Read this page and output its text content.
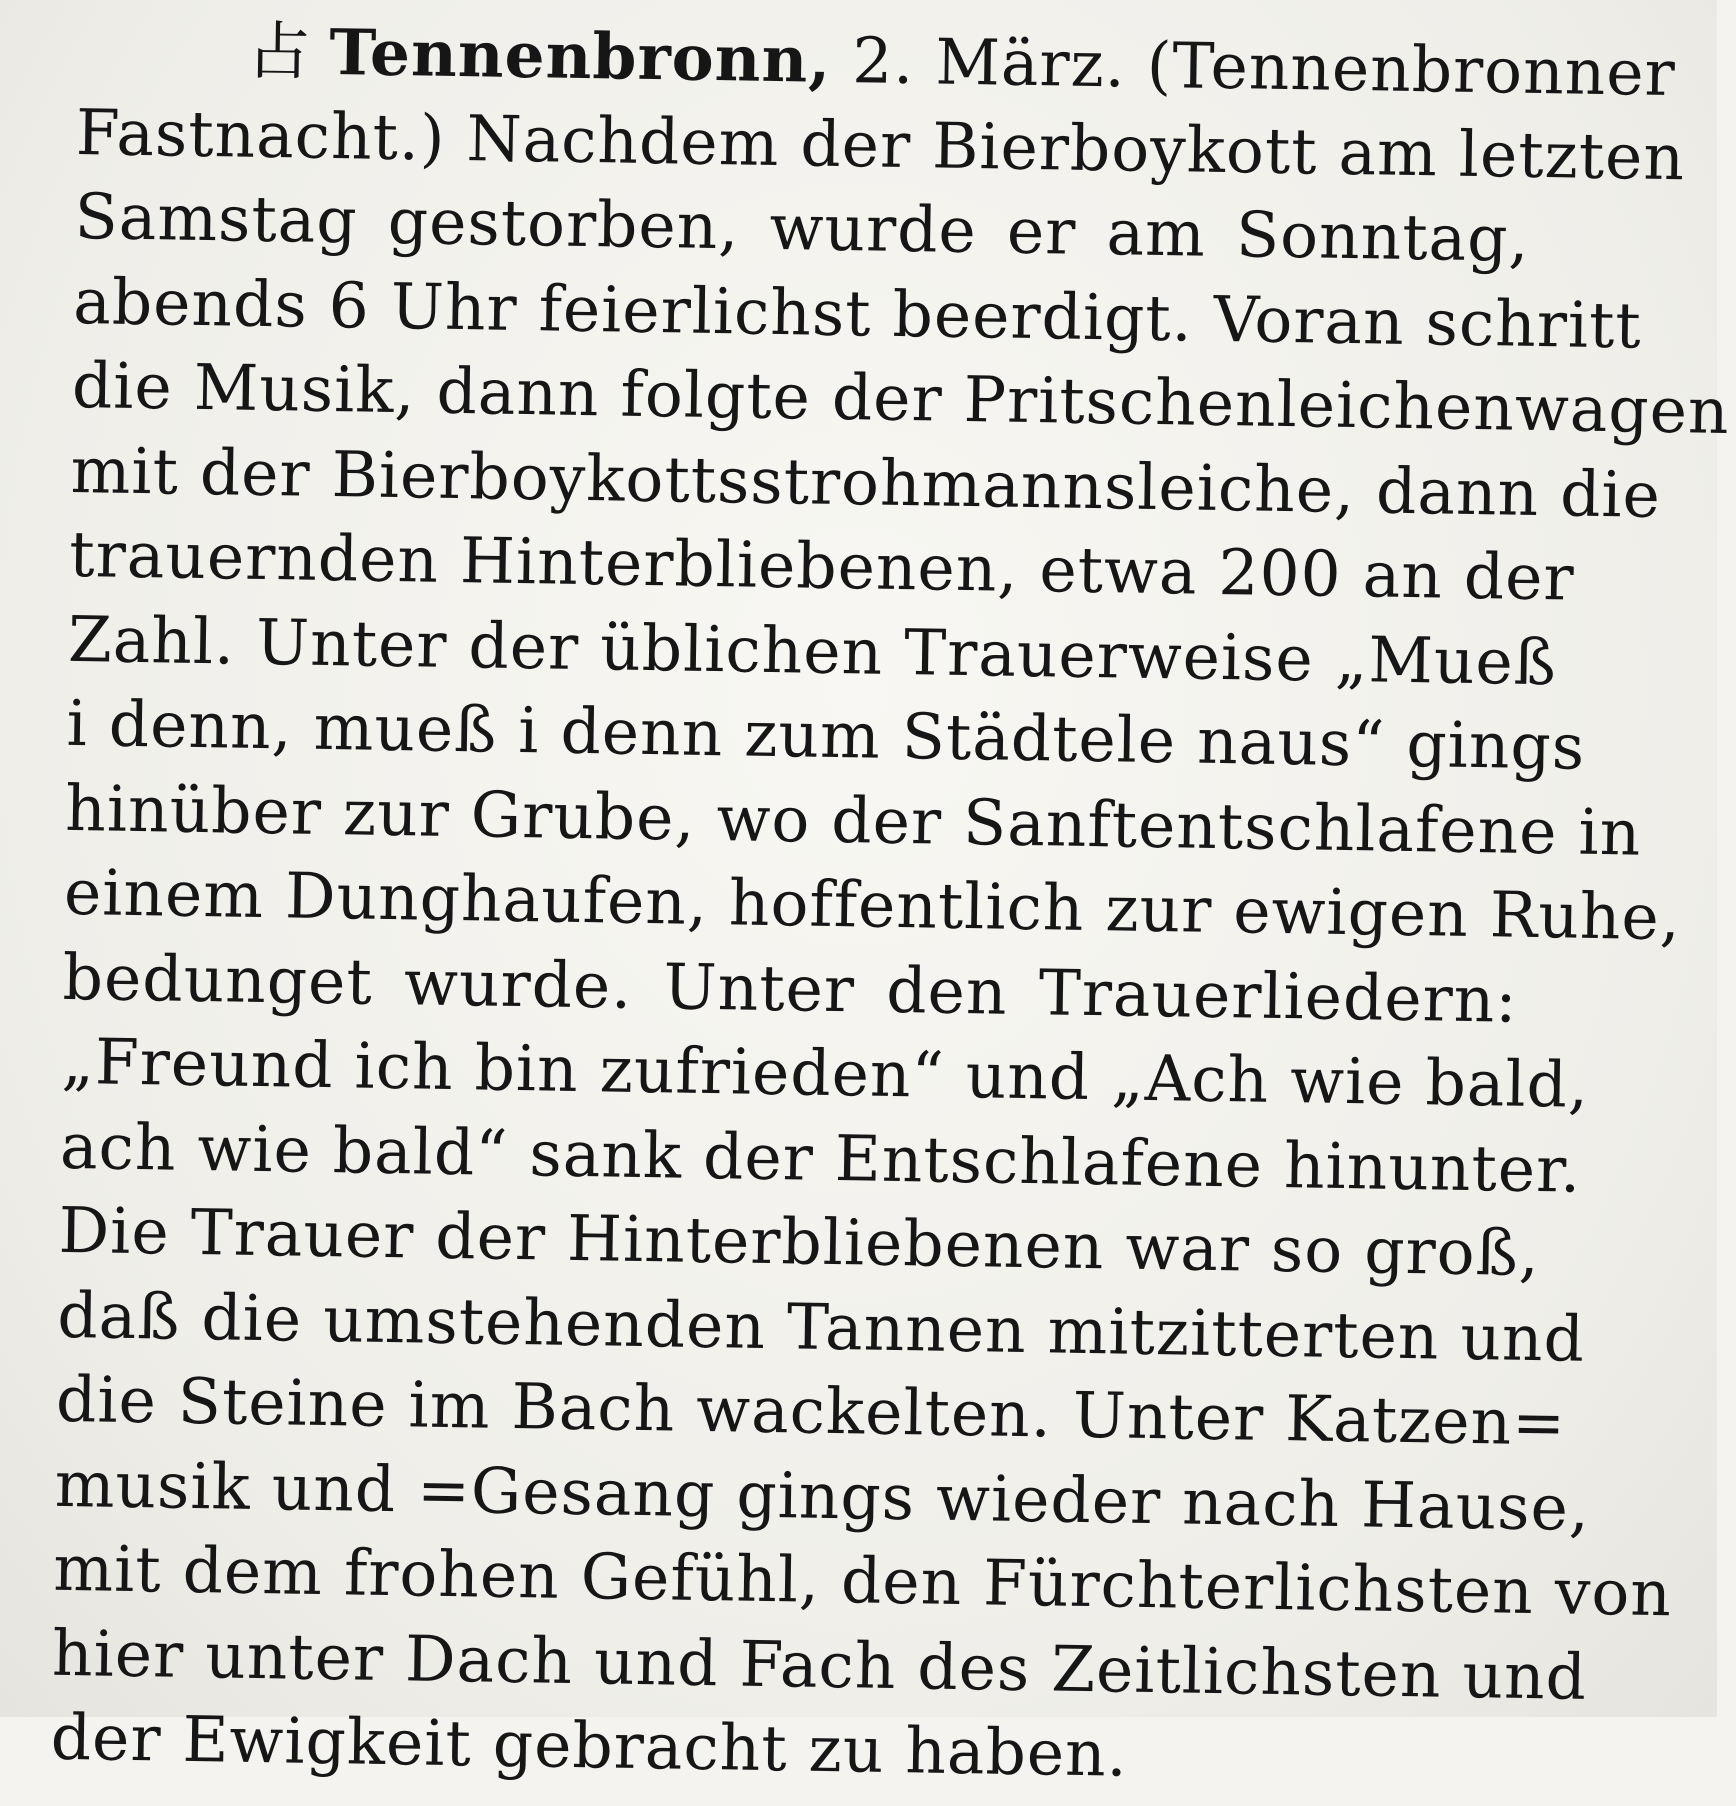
占 Tennenbronn, 2. März. (Tennenbronner
Fastnacht.) Nachdem der Bierboykott am letzten
Samstag gestorben, wurde er am Sonntag,
abends 6 Uhr feierlichst beerdigt. Voran schritt
die Musik, dann folgte der Pritschenleichenwagen
mit der Bierboykottsstrohmannsleiche, dann die
trauernden Hinterbliebenen, etwa 200 an der
Zahl. Unter der üblichen Trauerweise „Mueß
i denn, mueß i denn zum Städtele naus“ gings
hinüber zur Grube, wo der Sanftentschlafene in
einem Dunghaufen, hoffentlich zur ewigen Ruhe,
bedunget wurde. Unter den Trauerliedern:
„Freund ich bin zufrieden“ und „Ach wie bald,
ach wie bald“ sank der Entschlafene hinunter.
Die Trauer der Hinterbliebenen war so groß,
daß die umstehenden Tannen mitzitterten und
die Steine im Bach wackelten. Unter Katzen=
musik und =Gesang gings wieder nach Hause,
mit dem frohen Gefühl, den Fürchterlichsten von
hier unter Dach und Fach des Zeitlichsten und
der Ewigkeit gebracht zu haben.
